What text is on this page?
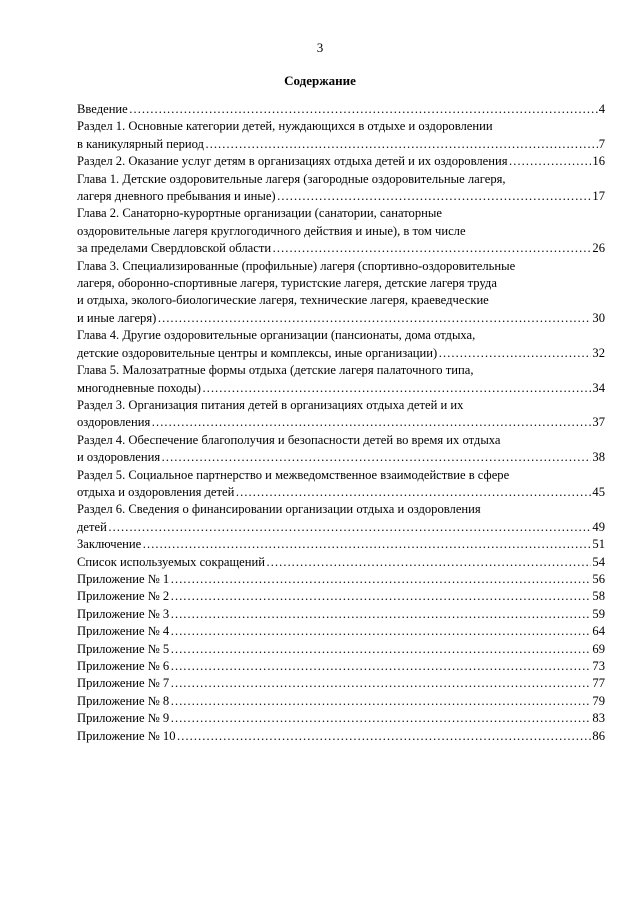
3
Содержание
Введение ……………………………………………………………………………………………………………………………………………………………………………………………	4
Раздел 1. Основные категории детей, нуждающихся в отдыхе и оздоровлении
в каникулярный период ……………………………………………………………………………………………………………………………………………………………………………………………	7
Раздел 2. Оказание услуг детям в организациях отдыха детей и их оздоровления ……………………………………………………………………………………………………………………………………………………………………………………………	16
Глава 1. Детские оздоровительные лагеря (загородные оздоровительные лагеря,
лагеря дневного пребывания и иные) ……………………………………………………………………………………………………………………………………………………………………………………………	17
Глава 2. Санаторно-курортные организации (санатории, санаторные
оздоровительные лагеря круглогодичного действия и иные), в том числе
за пределами Свердловской области ……………………………………………………………………………………………………………………………………………………………………………………………	26
Глава 3. Специализированные (профильные) лагеря (спортивно-оздоровительные
лагеря, оборонно-спортивные лагеря, туристские лагеря, детские лагеря труда
и отдыха, эколого-биологические лагеря, технические лагеря, краеведческие
и иные лагеря) ……………………………………………………………………………………………………………………………………………………………………………………………	30
Глава 4. Другие оздоровительные организации (пансионаты, дома отдыха,
детские оздоровительные центры и комплексы, иные организации) ……………………………………………………………………………………………………………………………………………………………………………………………	32
Глава 5. Малозатратные формы отдыха (детские лагеря палаточного типа,
многодневные походы) ……………………………………………………………………………………………………………………………………………………………………………………………	34
Раздел 3. Организация питания детей в организациях отдыха детей и их
оздоровления ……………………………………………………………………………………………………………………………………………………………………………………………	37
Раздел 4. Обеспечение благополучия и безопасности детей во время их отдыха
и оздоровления ……………………………………………………………………………………………………………………………………………………………………………………………	38
Раздел 5. Социальное партнерство и межведомственное взаимодействие в сфере
отдыха и оздоровления детей ……………………………………………………………………………………………………………………………………………………………………………………………	45
Раздел 6. Сведения о финансировании организации отдыха и оздоровления
детей ……………………………………………………………………………………………………………………………………………………………………………………………	49
Заключение ……………………………………………………………………………………………………………………………………………………………………………………………	51
Список используемых сокращений ……………………………………………………………………………………………………………………………………………………………………………………………	54
Приложение № 1 ……………………………………………………………………………………………………………………………………………………………………………………………	56
Приложение № 2 ……………………………………………………………………………………………………………………………………………………………………………………………	58
Приложение № 3 ……………………………………………………………………………………………………………………………………………………………………………………………	59
Приложение № 4 ……………………………………………………………………………………………………………………………………………………………………………………………	64
Приложение № 5 ……………………………………………………………………………………………………………………………………………………………………………………………	69
Приложение № 6 ……………………………………………………………………………………………………………………………………………………………………………………………	73
Приложение № 7 ……………………………………………………………………………………………………………………………………………………………………………………………	77
Приложение № 8 ……………………………………………………………………………………………………………………………………………………………………………………………	79
Приложение № 9 ……………………………………………………………………………………………………………………………………………………………………………………………	83
Приложение № 10 ……………………………………………………………………………………………………………………………………………………………………………………………	86
